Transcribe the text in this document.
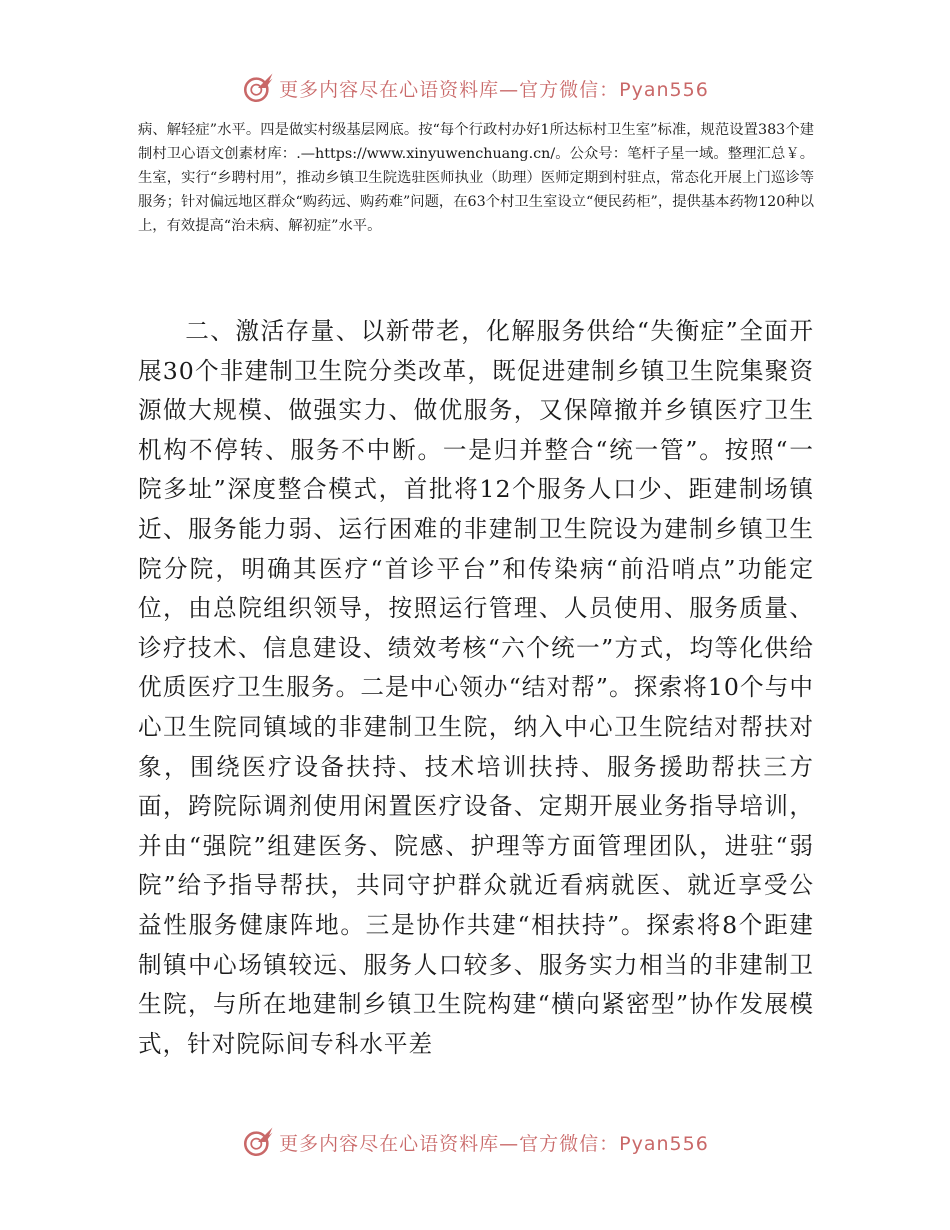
更多内容尽在心语资料库—官方微信：Pyan556

病、解轻症”水平。四是做实村级基层网底。按“每个行政村办好1所达标村卫生室”标准，规范设置383个建制村卫心语文创素材库：.—https://www.xinyuwenchuang.cn/。公众号：笔杆子星一域。整理汇总￥。生室，实行“乡聘村用”，推动乡镇卫生院选驻医师执业（助理）医师定期到村驻点，常态化开展上门巡诊等服务；针对偏远地区群众“购药远、购药难”问题，在63个村卫生室设立“便民药柜”，提供基本药物120种以上，有效提高“治未病、解初症”水平。

二、激活存量、以新带老，化解服务供给“失衡症”全面开展30个非建制卫生院分类改革，既促进建制乡镇卫生院集聚资源做大规模、做强实力、做优服务，又保障撤并乡镇医疗卫生机构不停转、服务不中断。一是归并整合“统一管”。按照“一院多址”深度整合模式，首批将12个服务人口少、距建制场镇近、服务能力弱、运行困难的非建制卫生院设为建制乡镇卫生院分院，明确其医疗“首诊平台”和传染病“前沿哨点”功能定位，由总院组织领导，按照运行管理、人员使用、服务质量、诊疗技术、信息建设、绩效考核“六个统一”方式，均等化供给优质医疗卫生服务。二是中心领办“结对帮”。探索将10个与中心卫生院同镇域的非建制卫生院，纳入中心卫生院结对帮扶对象，围绕医疗设备扶持、技术培训扶持、服务援助帮扶三方面，跨院际调剂使用闲置医疗设备、定期开展业务指导培训，并由“强院”组建医务、院感、护理等方面管理团队，进驻“弱院”给予指导帮扶，共同守护群众就近看病就医、就近享受公益性服务健康阵地。三是协作共建“相扶持”。探索将8个距建制镇中心场镇较远、服务人口较多、服务实力相当的非建制卫生院，与所在地建制乡镇卫生院构建“横向紧密型”协作发展模式，针对院际间专科水平差

更多内容尽在心语资料库—官方微信：Pyan556
